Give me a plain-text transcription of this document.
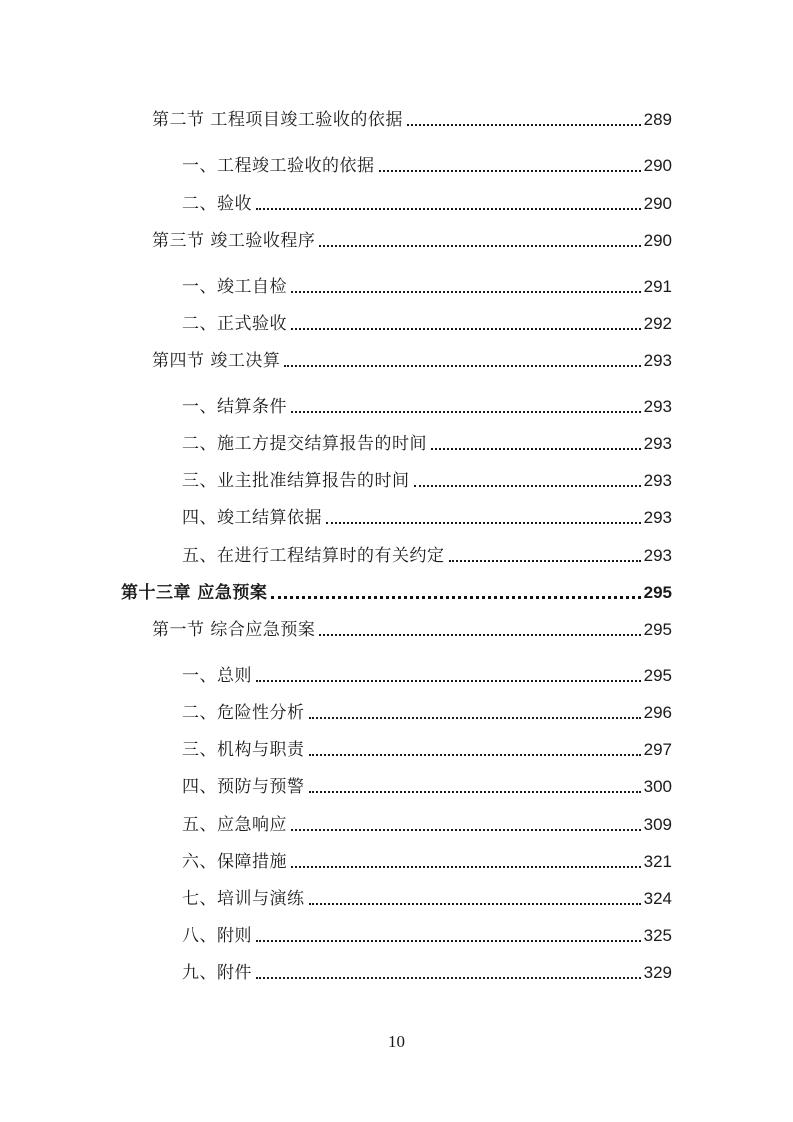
第二节 工程项目竣工验收的依据	289
一、工程竣工验收的依据	290
二、验收	290
第三节 竣工验收程序	290
一、竣工自检	291
二、正式验收	292
第四节 竣工决算	293
一、结算条件	293
二、施工方提交结算报告的时间	293
三、业主批准结算报告的时间	293
四、竣工结算依据	293
五、在进行工程结算时的有关约定	293
第十三章 应急预案	295
第一节 综合应急预案	295
一、总则	295
二、危险性分析	296
三、机构与职责	297
四、预防与预警	300
五、应急响应	309
六、保障措施	321
七、培训与演练	324
八、附则	325
九、附件	329
10
